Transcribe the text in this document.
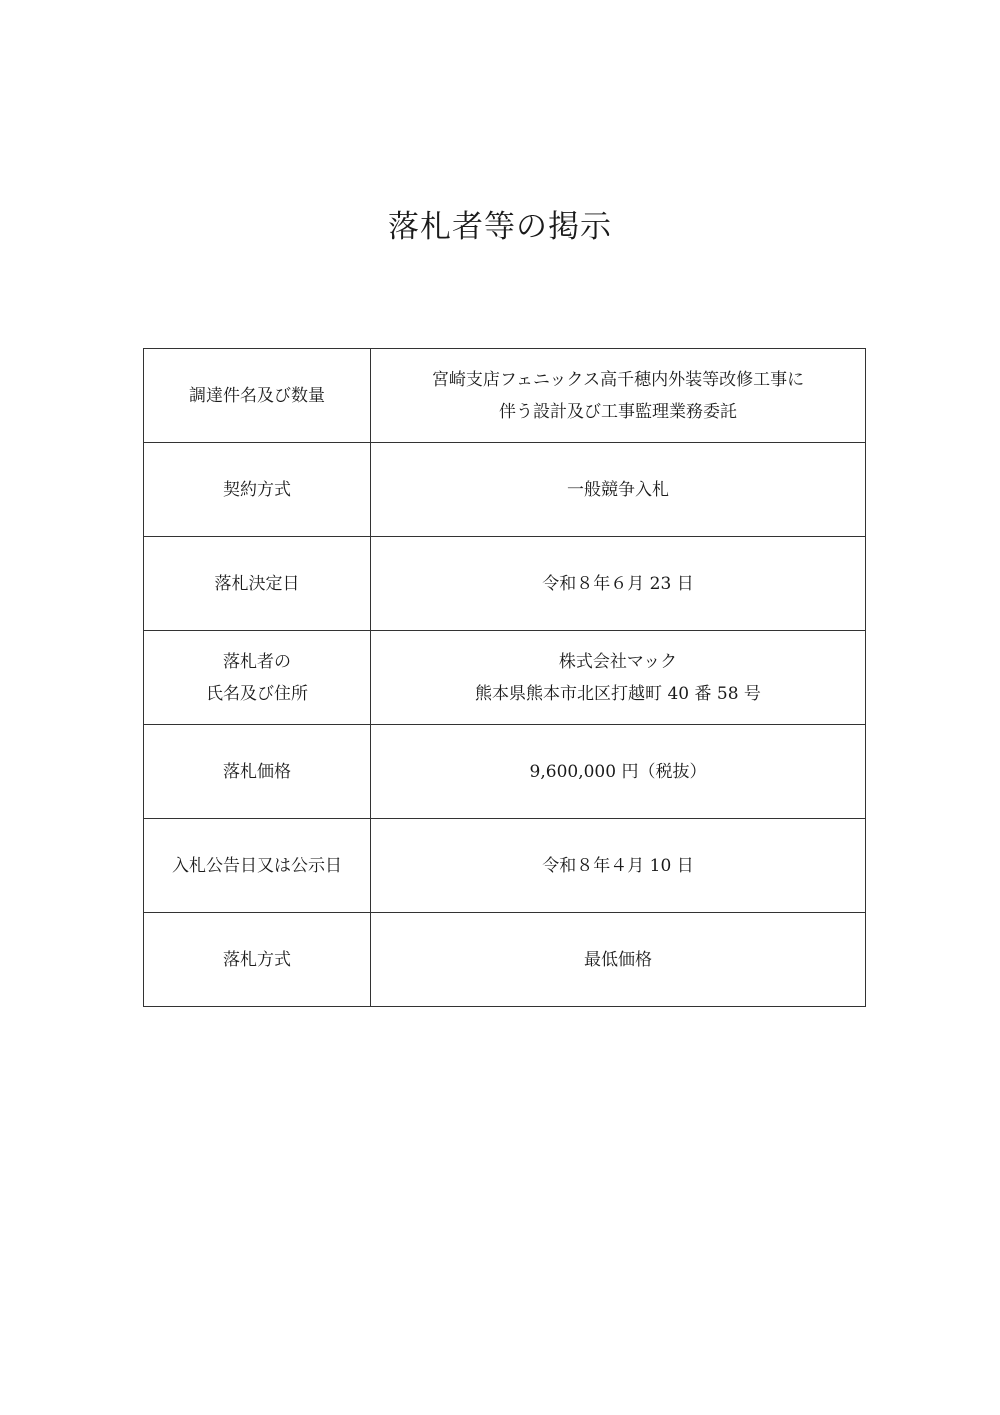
落札者等の掲示
調達件名及び数量	宮崎支店フェニックス高千穂内外装等改修工事に
伴う設計及び工事監理業務委託

契約方式	一般競争入札

落札決定日	令和８年６月 23 日

落札者の
氏名及び住所	株式会社マック
熊本県熊本市北区打越町 40 番 58 号

落札価格	9,600,000 円（税抜）

入札公告日又は公示日	令和８年４月 10 日

落札方式	最低価格
